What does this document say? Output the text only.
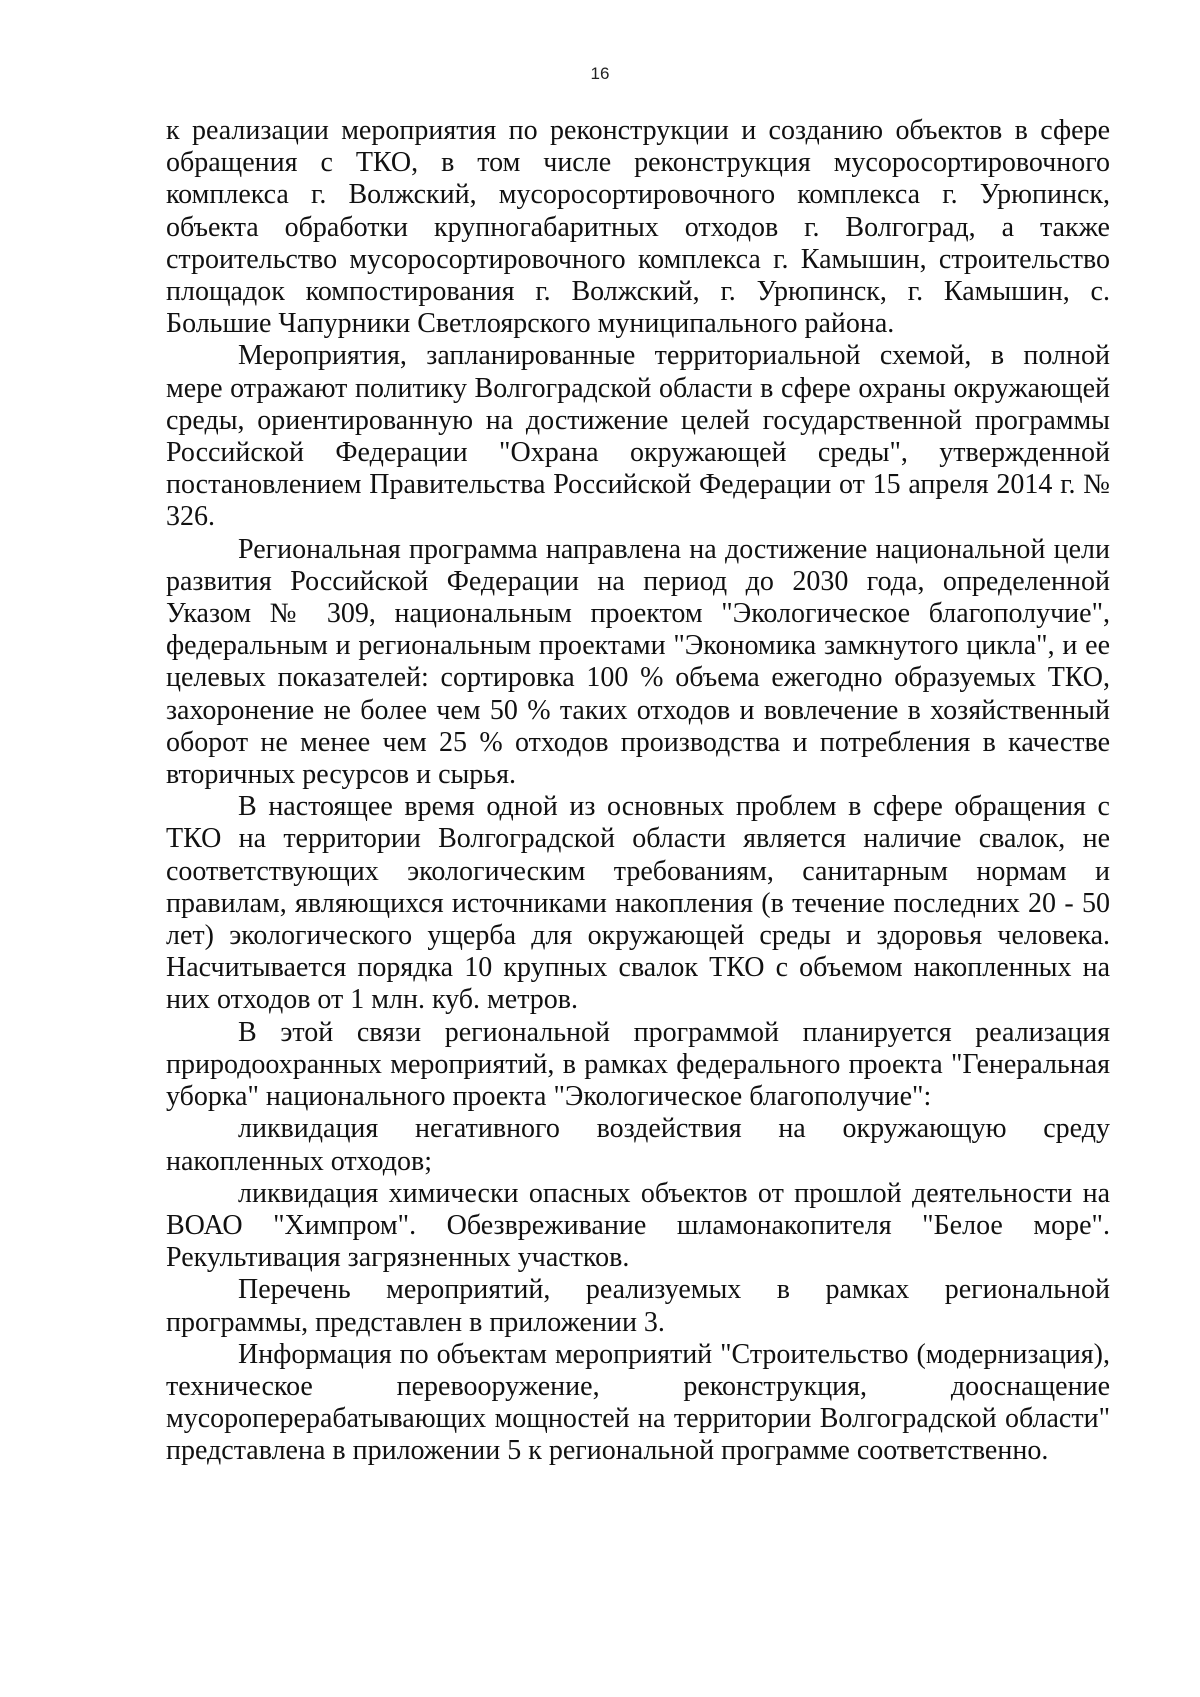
16

к реализации мероприятия по реконструкции и созданию объектов в сфере обращения с ТКО, в том числе реконструкция мусоросортировочного комплекса г. Волжский, мусоросортировочного комплекса г. Урюпинск, объекта обработки крупногабаритных отходов г. Волгоград, а также строительство мусоросортировочного комплекса г. Камышин, строительство площадок компостирования г. Волжский, г. Урюпинск, г. Камышин, с. Большие Чапурники Светлоярского муниципального района.

Мероприятия, запланированные территориальной схемой, в полной мере отражают политику Волгоградской области в сфере охраны окружающей среды, ориентированную на достижение целей государственной программы Российской Федерации "Охрана окружающей среды", утвержденной постановлением Правительства Российской Федерации от 15 апреля 2014 г. № 326.

Региональная программа направлена на достижение национальной цели развития Российской Федерации на период до 2030 года, определенной Указом № 309, национальным проектом "Экологическое благополучие", федеральным и региональным проектами "Экономика замкнутого цикла", и ее целевых показателей: сортировка 100 % объема ежегодно образуемых ТКО, захоронение не более чем 50 % таких отходов и вовлечение в хозяйственный оборот не менее чем 25 % отходов производства и потребления в качестве вторичных ресурсов и сырья.

В настоящее время одной из основных проблем в сфере обращения с ТКО на территории Волгоградской области является наличие свалок, не соответствующих экологическим требованиям, санитарным нормам и правилам, являющихся источниками накопления (в течение последних 20 - 50 лет) экологического ущерба для окружающей среды и здоровья человека. Насчитывается порядка 10 крупных свалок ТКО с объемом накопленных на них отходов от 1 млн. куб. метров.

В этой связи региональной программой планируется реализация природоохранных мероприятий, в рамках федерального проекта "Генеральная уборка" национального проекта "Экологическое благополучие":

ликвидация негативного воздействия на окружающую среду накопленных отходов;

ликвидация химически опасных объектов от прошлой деятельности на ВОАО "Химпром". Обезвреживание шламонакопителя "Белое море". Рекультивация загрязненных участков.

Перечень мероприятий, реализуемых в рамках региональной программы, представлен в приложении 3.

Информация по объектам мероприятий "Строительство (модернизация), техническое перевооружение, реконструкция, дооснащение мусороперерабатывающих мощностей на территории Волгоградской области" представлена в приложении 5 к региональной программе соответственно.
